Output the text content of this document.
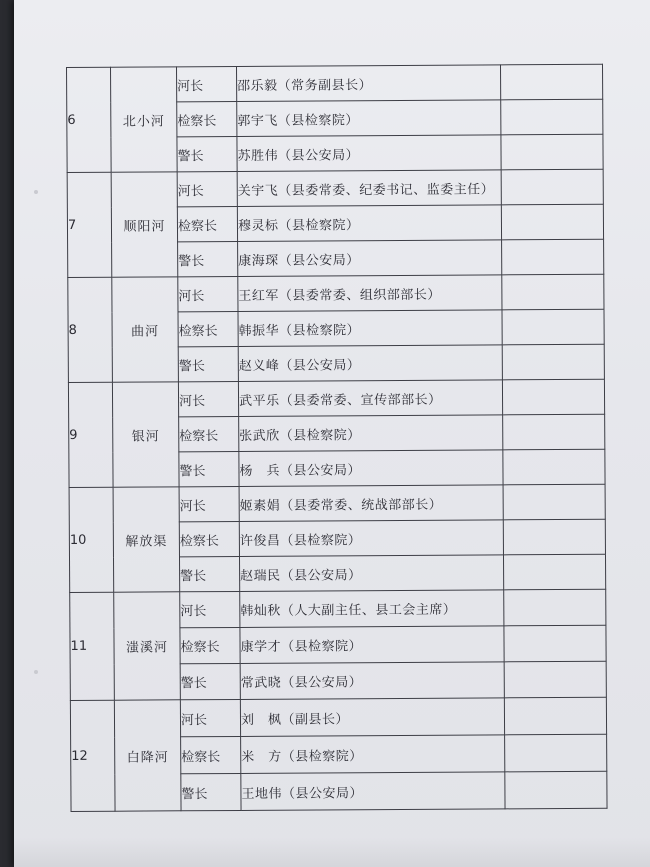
6	北小河	河长	邵乐毅（常务副县长）	
		检察长	郭宇飞（县检察院）	
		警长	苏胜伟（县公安局）	
7	顺阳河	河长	关宇飞（县委常委、纪委书记、监委主任）	
		检察长	穆灵标（县检察院）	
		警长	康海琛（县公安局）	
8	曲河	河长	王红军（县委常委、组织部部长）	
		检察长	韩振华（县检察院）	
		警长	赵义峰（县公安局）	
9	银河	河长	武平乐（县委常委、宣传部部长）	
		检察长	张武欣（县检察院）	
		警长	杨　兵（县公安局）	
10	解放渠	河长	姬素娟（县委常委、统战部部长）	
		检察长	许俊昌（县检察院）	
		警长	赵瑞民（县公安局）	
11	滍溪河	河长	韩灿秋（人大副主任、县工会主席）	
		检察长	康学才（县检察院）	
		警长	常武晓（县公安局）	
12	白降河	河长	刘　枫（副县长）	
		检察长	米　方（县检察院）	
		警长	王地伟（县公安局）	
